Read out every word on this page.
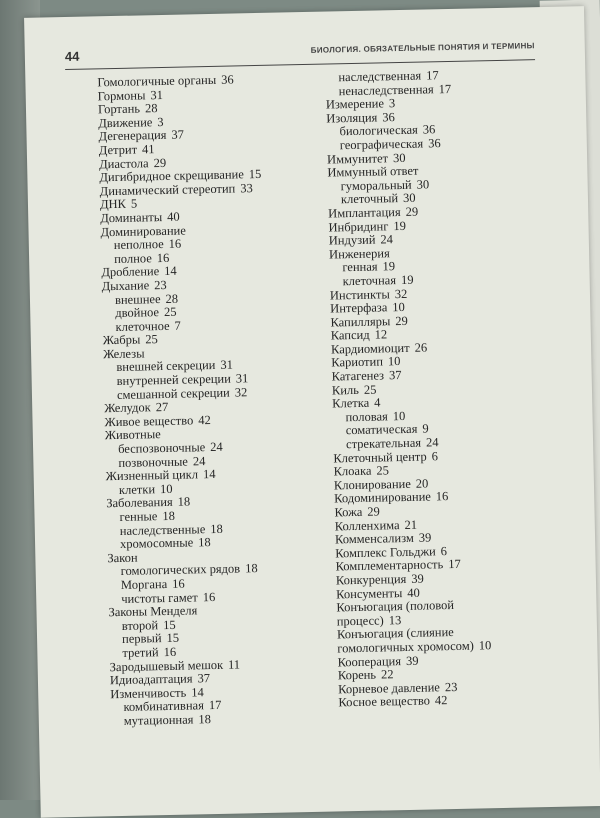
44
БИОЛОГИЯ. ОБЯЗАТЕЛЬНЫЕ ПОНЯТИЯ И ТЕРМИНЫ
Гомологичные органы 36
Гормоны 31
Гортань 28
Движение 3
Дегенерация 37
Детрит 41
Диастола 29
Дигибридное скрещивание 15
Динамический стереотип 33
ДНК 5
Доминанты 40
Доминирование
неполное 16
полное 16
Дробление 14
Дыхание 23
внешнее 28
двойное 25
клеточное 7
Жабры 25
Железы
внешней секреции 31
внутренней секреции 31
смешанной секреции 32
Желудок 27
Живое вещество 42
Животные
беспозвоночные 24
позвоночные 24
Жизненный цикл 14
клетки 10
Заболевания 18
генные 18
наследственные 18
хромосомные 18
Закон
гомологических рядов 18
Моргана 16
чистоты гамет 16
Законы Менделя
второй 15
первый 15
третий 16
Зародышевый мешок 11
Идиоадаптация 37
Изменчивость 14
комбинативная 17
мутационная 18
наследственная 17
ненаследственная 17
Измерение 3
Изоляция 36
биологическая 36
географическая 36
Иммунитет 30
Иммунный ответ
гуморальный 30
клеточный 30
Имплантация 29
Инбридинг 19
Индузий 24
Инженерия
генная 19
клеточная 19
Инстинкты 32
Интерфаза 10
Капилляры 29
Капсид 12
Кардиомиоцит 26
Кариотип 10
Катагенез 37
Киль 25
Клетка 4
половая 10
соматическая 9
стрекательная 24
Клеточный центр 6
Клоака 25
Клонирование 20
Кодоминирование 16
Кожа 29
Колленхима 21
Комменсализм 39
Комплекс Гольджи 6
Комплементарность 17
Конкуренция 39
Консументы 40
Конъюгация (половой
процесс) 13
Конъюгация (слияние
гомологичных хромосом) 10
Кооперация 39
Корень 22
Корневое давление 23
Косное вещество 42
